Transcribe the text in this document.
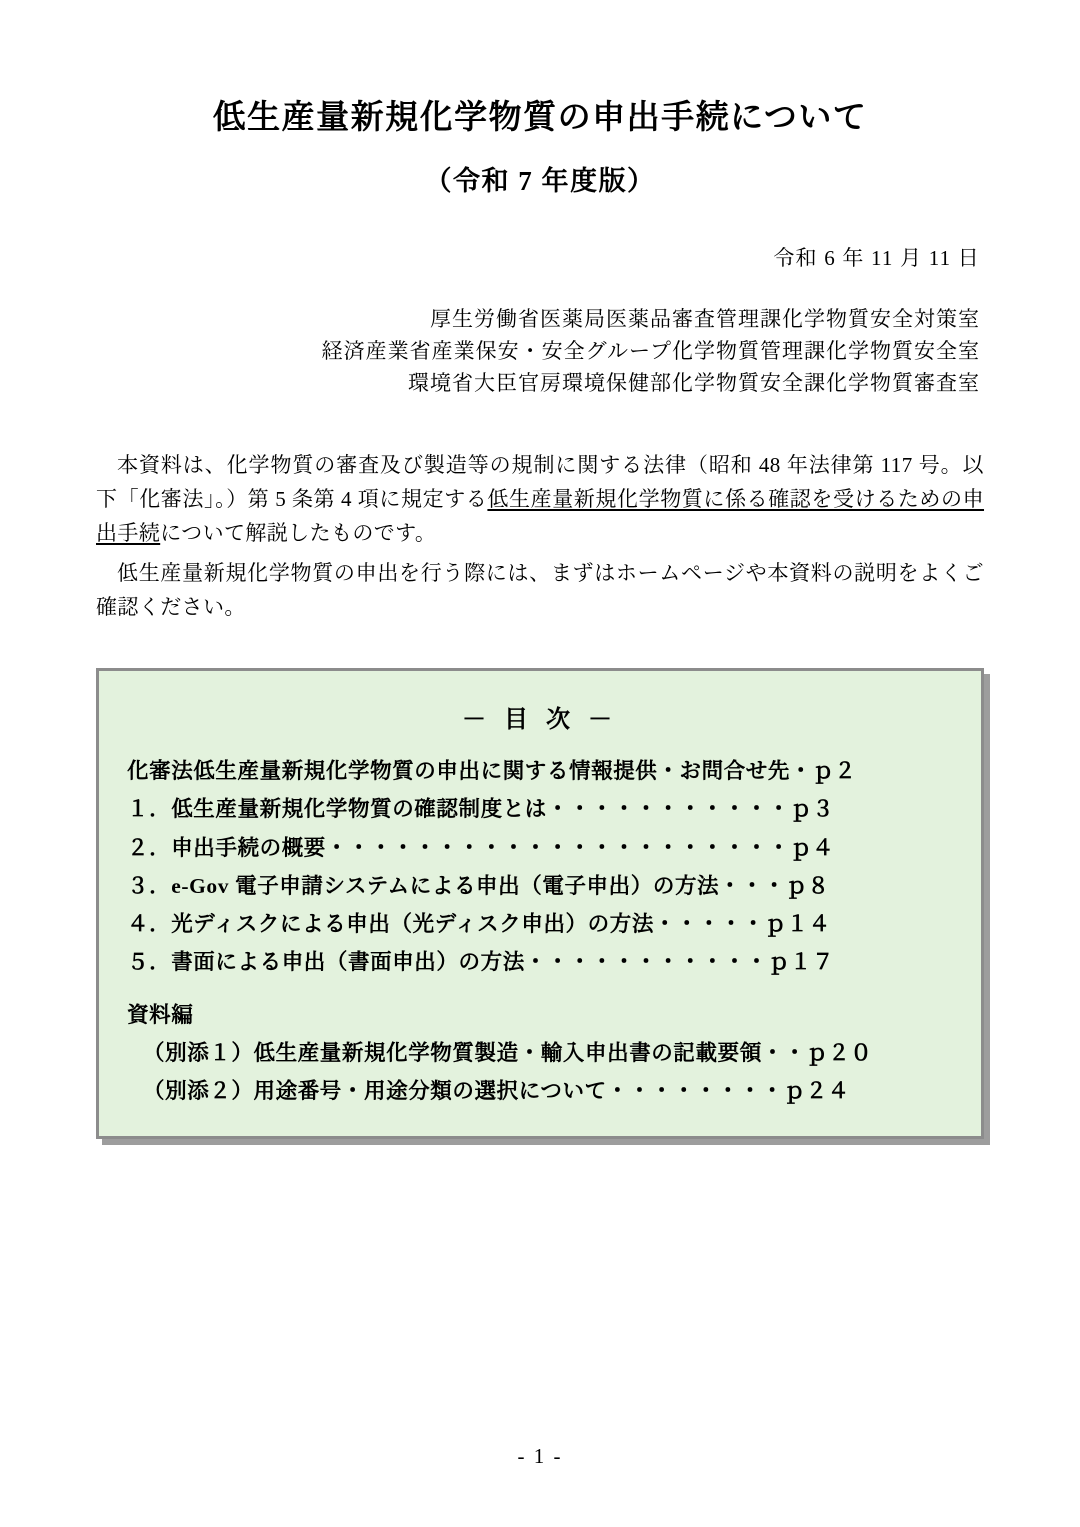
低生産量新規化学物質の申出手続について
（令和 7 年度版）

令和 6 年 11 月 11 日

厚生労働省医薬局医薬品審査管理課化学物質安全対策室
経済産業省産業保安・安全グループ化学物質管理課化学物質安全室
環境省大臣官房環境保健部化学物質安全課化学物質審査室

本資料は、化学物質の審査及び製造等の規制に関する法律（昭和 48 年法律第 117 号。以下「化審法」。）第 5 条第 4 項に規定する低生産量新規化学物質に係る確認を受けるための申出手続について解説したものです。

低生産量新規化学物質の申出を行う際には、まずはホームページや本資料の説明をよくご確認ください。

－ 目 次 －
化審法低生産量新規化学物質の申出に関する情報提供・お問合せ先・ｐ２
１．低生産量新規化学物質の確認制度とは・・・・・・・・・・・ｐ３
２．申出手続の概要・・・・・・・・・・・・・・・・・・・・・ｐ４
３．e-Gov 電子申請システムによる申出（電子申出）の方法・・・ｐ８
４．光ディスクによる申出（光ディスク申出）の方法・・・・・ｐ１４
５．書面による申出（書面申出）の方法・・・・・・・・・・・ｐ１７
資料編
（別添１）低生産量新規化学物質製造・輸入申出書の記載要領・・ｐ２０
（別添２）用途番号・用途分類の選択について・・・・・・・・ｐ２４
- 1 -
